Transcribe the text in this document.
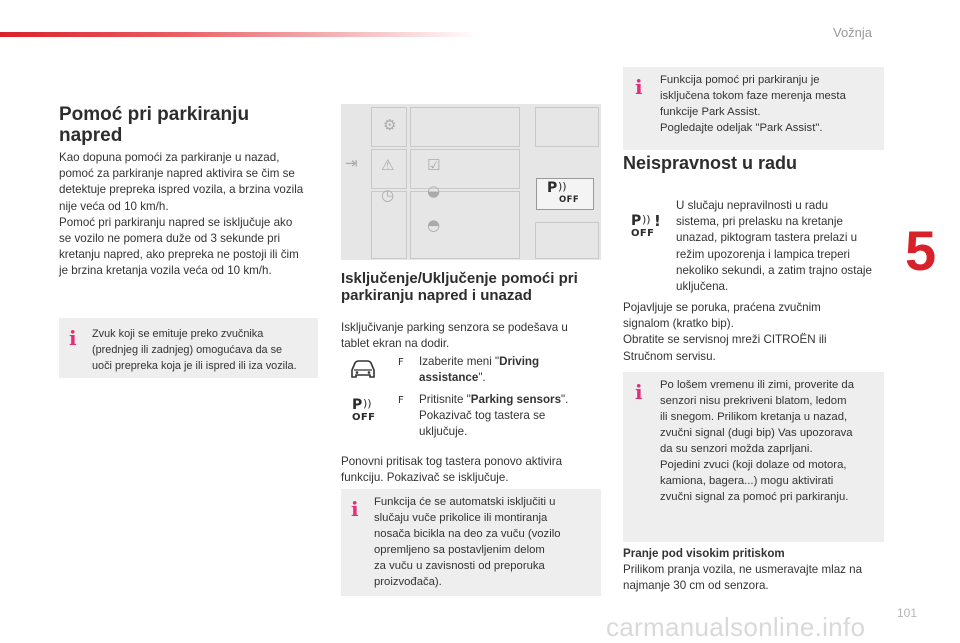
Vožnja
5
101
carmanualsonline.info
Pomoć pri parkiranju
napred
Kao dopuna pomoći za parkiranje u nazad,
pomoć za parkiranje napred aktivira se čim se
detektuje prepreka ispred vozila, a brzina vozila
nije veća od 10 km/h.
Pomoć pri parkiranju napred se isključuje ako
se vozilo ne pomera duže od 3 sekunde pri
kretanju napred, ako prepreka ne postoji ili čim
je brzina kretanja vozila veća od 10 km/h.
i Zvuk koji se emituje preko zvučnika
(prednjeg ili zadnjeg) omogućava da se
uoči prepreka koja je ili ispred ili iza vozila.
⚙
⇥ ⚠ ☑
◷ ◒
◓
P ))
OFF
Isključenje/Uključenje pomoći pri
parkiranju napred i unazad
Isključivanje parking senzora se podešava u
tablet ekran na dodir.
F Izaberite meni "Driving
assistance".
P ))
OFF
F Pritisnite "Parking sensors".
Pokazivač tog tastera se
uključuje.
Ponovni pritisak tog tastera ponovo aktivira
funkciju. Pokazivač se isključuje.
i Funkcija će se automatski isključiti u
slučaju vuče prikolice ili montiranja
nosača bicikla na deo za vuču (vozilo
opremljeno sa postavljenim delom
za vuču u zavisnosti od preporuka
proizvođača).
i Funkcija pomoć pri parkiranju je
isključena tokom faze merenja mesta
funkcije Park Assist.
Pogledajte odeljak "Park Assist".
Neispravnost u radu
P )) !
OFF
U slučaju nepravilnosti u radu
sistema, pri prelasku na kretanje
unazad, piktogram tastera prelazi u
režim upozorenja i lampica treperi
nekoliko sekundi, a zatim trajno ostaje
uključena.
Pojavljuje se poruka, praćena zvučnim
signalom (kratko bip).
Obratite se servisnoj mreži CITROËN ili
Stručnom servisu.
i Po lošem vremenu ili zimi, proverite da
senzori nisu prekriveni blatom, ledom
ili snegom. Prilikom kretanja u nazad,
zvučni signal (dugi bip) Vas upozorava
da su senzori možda zaprljani.
Pojedini zvuci (koji dolaze od motora,
kamiona, bagera...) mogu aktivirati
zvučni signal za pomoć pri parkiranju.
Pranje pod visokim pritiskom
Prilikom pranja vozila, ne usmeravajte mlaz na
najmanje 30 cm od senzora.
